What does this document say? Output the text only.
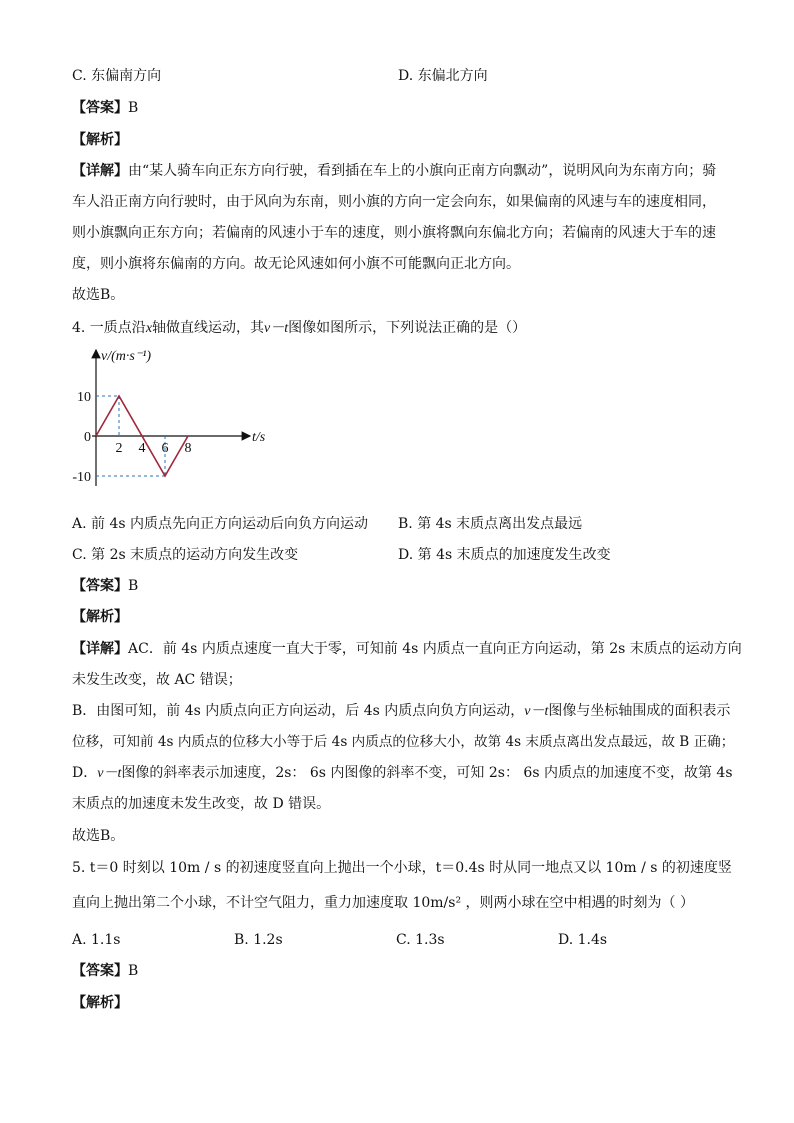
C. 东偏南方向	D. 东偏北方向
【答案】B
【解析】
【详解】由“某人骑车向正东方向行驶，看到插在车上的小旗向正南方向飘动”，说明风向为东南方向；骑
车人沿正南方向行驶时，由于风向为东南，则小旗的方向一定会向东，如果偏南的风速与车的速度相同，
则小旗飘向正东方向；若偏南的风速小于车的速度，则小旗将飘向东偏北方向；若偏南的风速大于车的速
度，则小旗将东偏南的方向。故无论风速如何小旗不可能飘向正北方向。
故选B。
4. 一质点沿x轴做直线运动，其v－t图像如图所示，下列说法正确的是（）
2 4 6 8
10
0
-10
v/(m·s⁻¹)
t/s
A. 前 4s 内质点先向正方向运动后向负方向运动 B. 第 4s 末质点离出发点最远
C. 第 2s 末质点的运动方向发生改变	D. 第 4s 末质点的加速度发生改变
【答案】B
【解析】
【详解】AC．前 4s 内质点速度一直大于零，可知前 4s 内质点一直向正方向运动，第 2s 末质点的运动方向
未发生改变，故 AC 错误；
B．由图可知，前 4s 内质点向正方向运动，后 4s 内质点向负方向运动，v－t图像与坐标轴围成的面积表示
位移，可知前 4s 内质点的位移大小等于后 4s 内质点的位移大小，故第 4s 末质点离出发点最远，故 B 正确；
D．v－t图像的斜率表示加速度，2s： 6s 内图像的斜率不变，可知 2s： 6s 内质点的加速度不变，故第 4s
末质点的加速度未发生改变，故 D 错误。
故选B。
5. t＝0 时刻以 10m / s 的初速度竖直向上抛出一个小球，t＝0.4s 时从同一地点又以 10m / s 的初速度竖
直向上抛出第二个小球，不计空气阻力，重力加速度取 10m/s² ，则两小球在空中相遇的时刻为（ ）
A. 1.1s	B. 1.2s	C. 1.3s	D. 1.4s
【答案】B
【解析】
